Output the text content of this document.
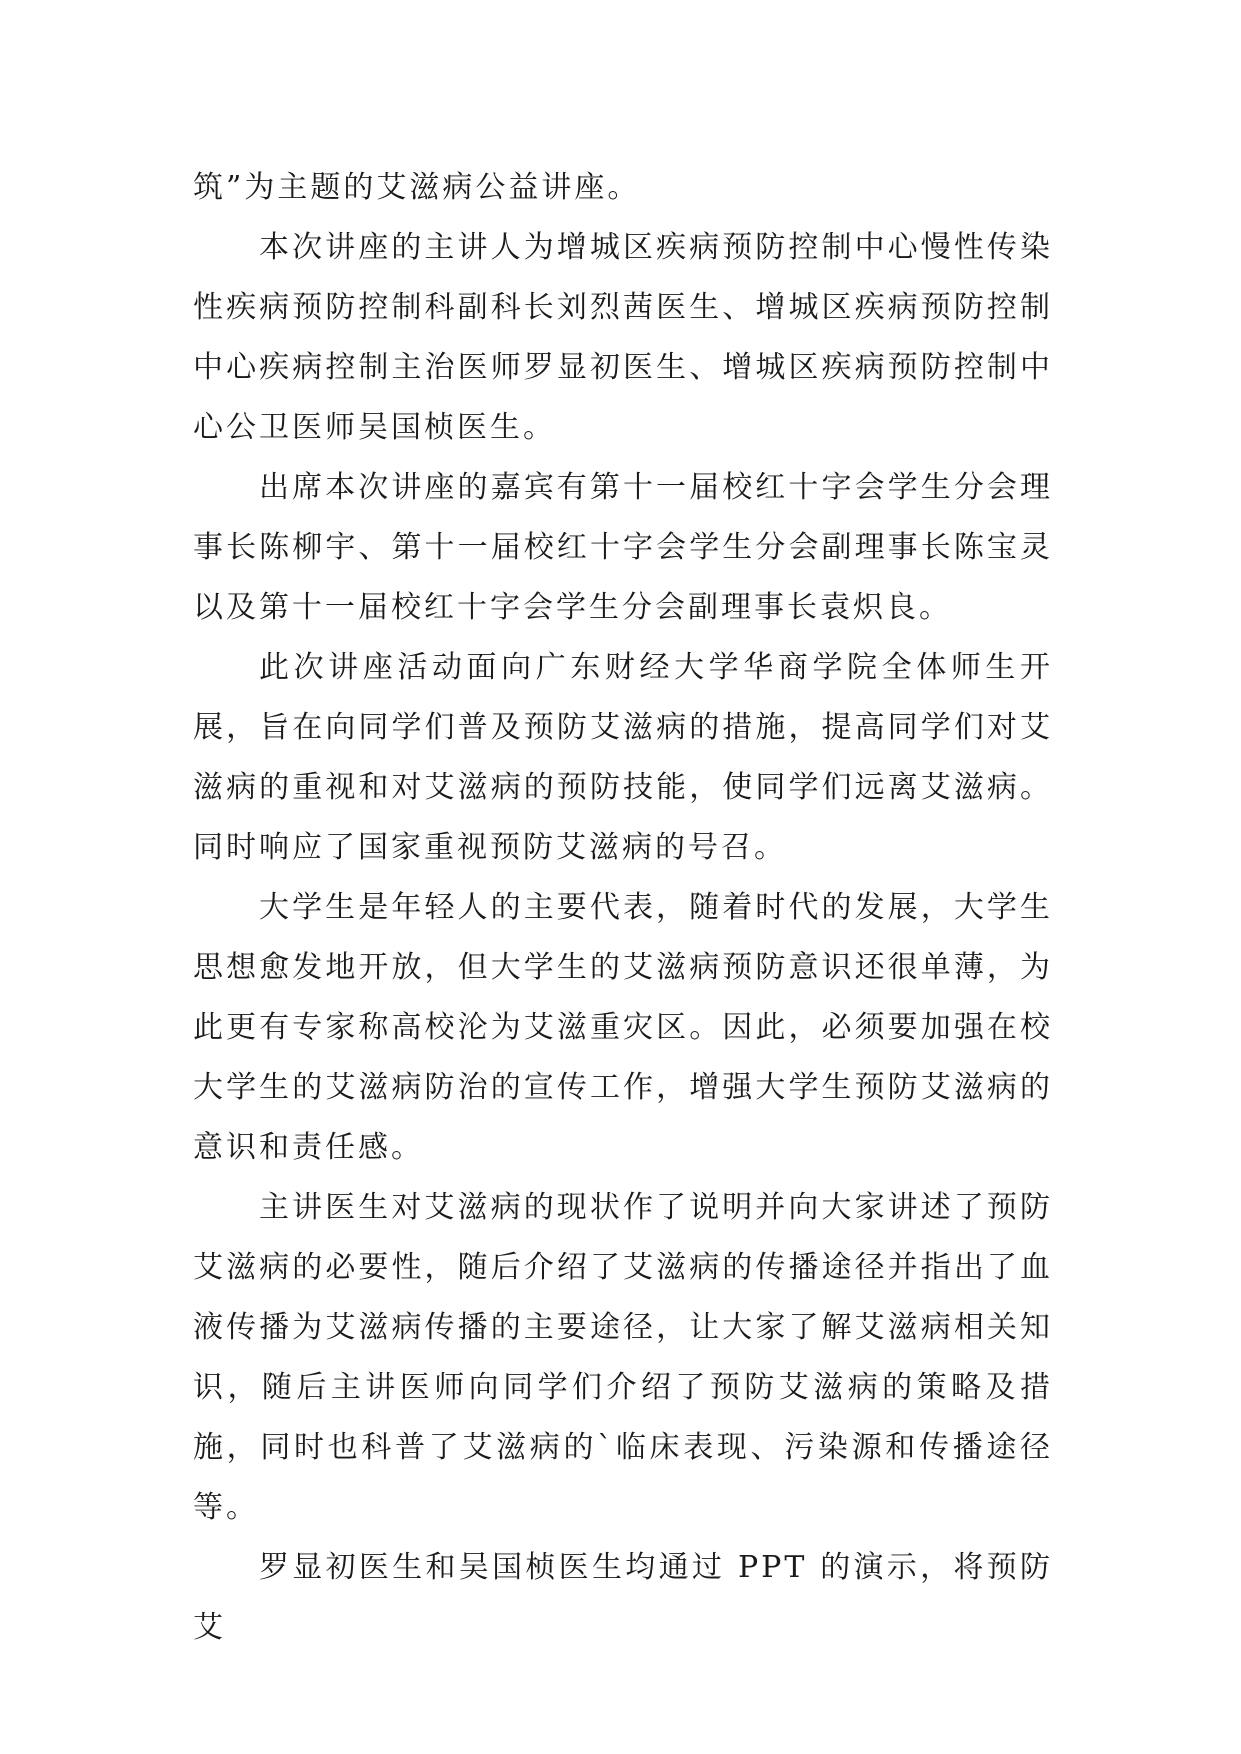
筑”为主题的艾滋病公益讲座。

本次讲座的主讲人为增城区疾病预防控制中心慢性传染性疾病预防控制科副科长刘烈茜医生、增城区疾病预防控制中心疾病控制主治医师罗显初医生、增城区疾病预防控制中心公卫医师吴国桢医生。

出席本次讲座的嘉宾有第十一届校红十字会学生分会理事长陈柳宇、第十一届校红十字会学生分会副理事长陈宝灵以及第十一届校红十字会学生分会副理事长袁炽良。

此次讲座活动面向广东财经大学华商学院全体师生开展，旨在向同学们普及预防艾滋病的措施，提高同学们对艾滋病的重视和对艾滋病的预防技能，使同学们远离艾滋病。同时响应了国家重视预防艾滋病的号召。

大学生是年轻人的主要代表，随着时代的发展，大学生思想愈发地开放，但大学生的艾滋病预防意识还很单薄，为此更有专家称高校沦为艾滋重灾区。因此，必须要加强在校大学生的艾滋病防治的宣传工作，增强大学生预防艾滋病的意识和责任感。

主讲医生对艾滋病的现状作了说明并向大家讲述了预防艾滋病的必要性，随后介绍了艾滋病的传播途径并指出了血液传播为艾滋病传播的主要途径，让大家了解艾滋病相关知识，随后主讲医师向同学们介绍了预防艾滋病的策略及措施，同时也科普了艾滋病的`临床表现、污染源和传播途径等。

罗显初医生和吴国桢医生均通过 PPT 的演示，将预防艾
